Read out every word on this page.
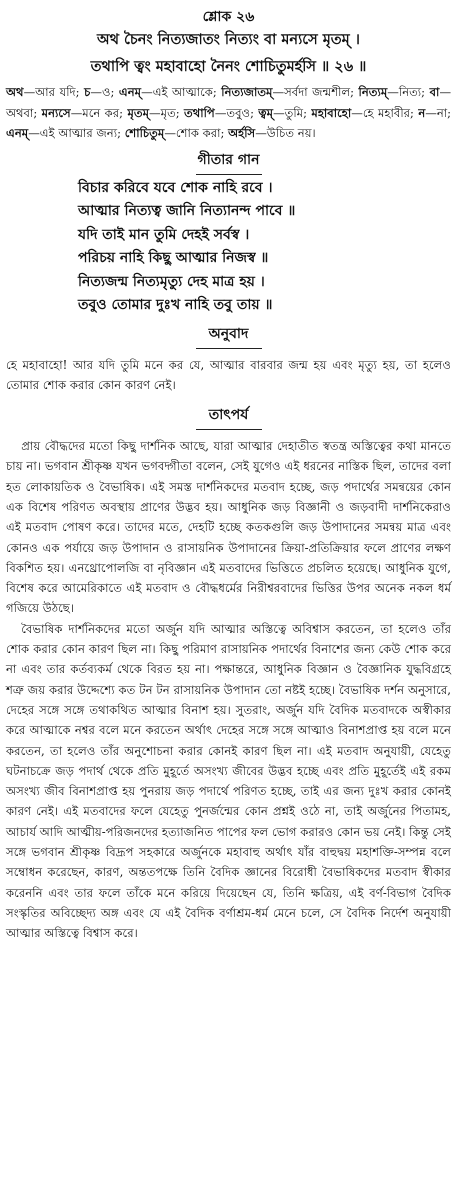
শ্লোক ২৬
অথ চৈনং নিত্যজাতং নিত্যং বা মন্যসে মৃতম্ ।
তথাপি ত্বং মহাবাহো নৈনং শোচিতুমর্হসি ॥ ২৬ ॥
অথ—আর যদি; চ—ও; এনম্—এই আত্মাকে; নিত্যজাতম্—সর্বদা জন্মশীল; নিত্যম্—নিত্য; বা—অথবা; মন্যসে—মনে কর; মৃতম্—মৃত; তথাপি—তবুও; ত্বম্—তুমি; মহাবাহো—হে মহাবীর; ন—না; এনম্—এই আত্মার জন্য; শোচিতুম্—শোক করা; অর্হসি—উচিত নয়।
গীতার গান
বিচার করিবে যবে শোক নাহি রবে ।
আত্মার নিত্যত্ব জানি নিত্যানন্দ পাবে ॥
যদি তাই মান তুমি দেহই সর্বস্ব ।
পরিচয় নাহি কিছু আত্মার নিজস্ব ॥
নিত্যজন্ম নিত্যমৃত্যু দেহ মাত্র হয় ।
তবুও তোমার দুঃখ নাহি তবু তায় ॥
অনুবাদ

হে মহাবাহো! আর যদি তুমি মনে কর যে, আত্মার বারবার জন্ম হয় এবং মৃত্যু হয়, তা হলেও তোমার শোক করার কোন কারণ নেই।

তাৎপর্য

প্রায় বৌদ্ধদের মতো কিছু দার্শনিক আছে, যারা আত্মার দেহাতীত স্বতন্ত্র অস্তিত্বের কথা মানতে চায় না। ভগবান শ্রীকৃষ্ণ যখন ভগবদ্গীতা বলেন, সেই যুগেও এই ধরনের নাস্তিক ছিল, তাদের বলা হত লোকায়তিক ও বৈভাষিক। এই সমস্ত দার্শনিকদের মতবাদ হচ্ছে, জড় পদার্থের সমন্বয়ের কোন এক বিশেষ পরিণত অবস্থায় প্রাণের উদ্ভব হয়। আধুনিক জড় বিজ্ঞানী ও জড়বাদী দার্শনিকেরাও এই মতবাদ পোষণ করে। তাদের মতে, দেহটি হচ্ছে কতকগুলি জড় উপাদানের সমন্বয় মাত্র এবং কোনও এক পর্যায়ে জড় উপাদান ও রাসায়নিক উপাদানের ক্রিয়া-প্রতিক্রিয়ার ফলে প্রাণের লক্ষণ বিকশিত হয়। এনথ্রোপোলজি বা নৃবিজ্ঞান এই মতবাদের ভিত্তিতে প্রচলিত হয়েছে। আধুনিক যুগে, বিশেষ করে আমেরিকাতে এই মতবাদ ও বৌদ্ধধর্মের নিরীশ্বরবাদের ভিত্তির উপর অনেক নকল ধর্ম গজিয়ে উঠছে।

বৈভাষিক দার্শনিকদের মতো অর্জুন যদি আত্মার অস্তিত্বে অবিশ্বাস করতেন, তা হলেও তাঁর শোক করার কোন কারণ ছিল না। কিছু পরিমাণ রাসায়নিক পদার্থের বিনাশের জন্য কেউ শোক করে না এবং তার কর্তব্যকর্ম থেকে বিরত হয় না। পক্ষান্তরে, আধুনিক বিজ্ঞান ও বৈজ্ঞানিক যুদ্ধবিগ্রহে শত্রু জয় করার উদ্দেশ্যে কত টন টন রাসায়নিক উপাদান তো নষ্টই হচ্ছে। বৈভাষিক দর্শন অনুসারে, দেহের সঙ্গে সঙ্গে তথাকথিত আত্মার বিনাশ হয়। সুতরাং, অর্জুন যদি বৈদিক মতবাদকে অস্বীকার করে আত্মাকে নশ্বর বলে মনে করতেন অর্থাৎ দেহের সঙ্গে সঙ্গে আত্মাও বিনাশপ্রাপ্ত হয় বলে মনে করতেন, তা হলেও তাঁর অনুশোচনা করার কোনই কারণ ছিল না। এই মতবাদ অনুযায়ী, যেহেতু ঘটনাচক্রে জড় পদার্থ থেকে প্রতি মুহূর্তে অসংখ্য জীবের উদ্ভব হচ্ছে এবং প্রতি মুহূর্তেই এই রকম অসংখ্য জীব বিনাশপ্রাপ্ত হয় পুনরায় জড় পদার্থে পরিণত হচ্ছে, তাই এর জন্য দুঃখ করার কোনই কারণ নেই। এই মতবাদের ফলে যেহেতু পুনর্জন্মের কোন প্রশ্নই ওঠে না, তাই অর্জুনের পিতামহ, আচার্য আদি আত্মীয়-পরিজনদের হত্যাজনিত পাপের ফল ভোগ করারও কোন ভয় নেই। কিন্তু সেই সঙ্গে ভগবান শ্রীকৃষ্ণ বিদ্রূপ সহকারে অর্জুনকে মহাবাহু অর্থাৎ যাঁর বাহুদ্বয় মহাশক্তি-সম্পন্ন বলে সম্বোধন করেছেন, কারণ, অন্ততপক্ষে তিনি বৈদিক জ্ঞানের বিরোধী বৈভাষিকদের মতবাদ স্বীকার করেননি এবং তার ফলে তাঁকে মনে করিয়ে দিয়েছেন যে, তিনি ক্ষত্রিয়, এই বর্ণ-বিভাগ বৈদিক সংস্কৃতির অবিচ্ছেদ্য অঙ্গ এবং যে এই বৈদিক বর্ণাশ্রম-ধর্ম মেনে চলে, সে বৈদিক নির্দেশ অনুযায়ী আত্মার অস্তিত্বে বিশ্বাস করে।
